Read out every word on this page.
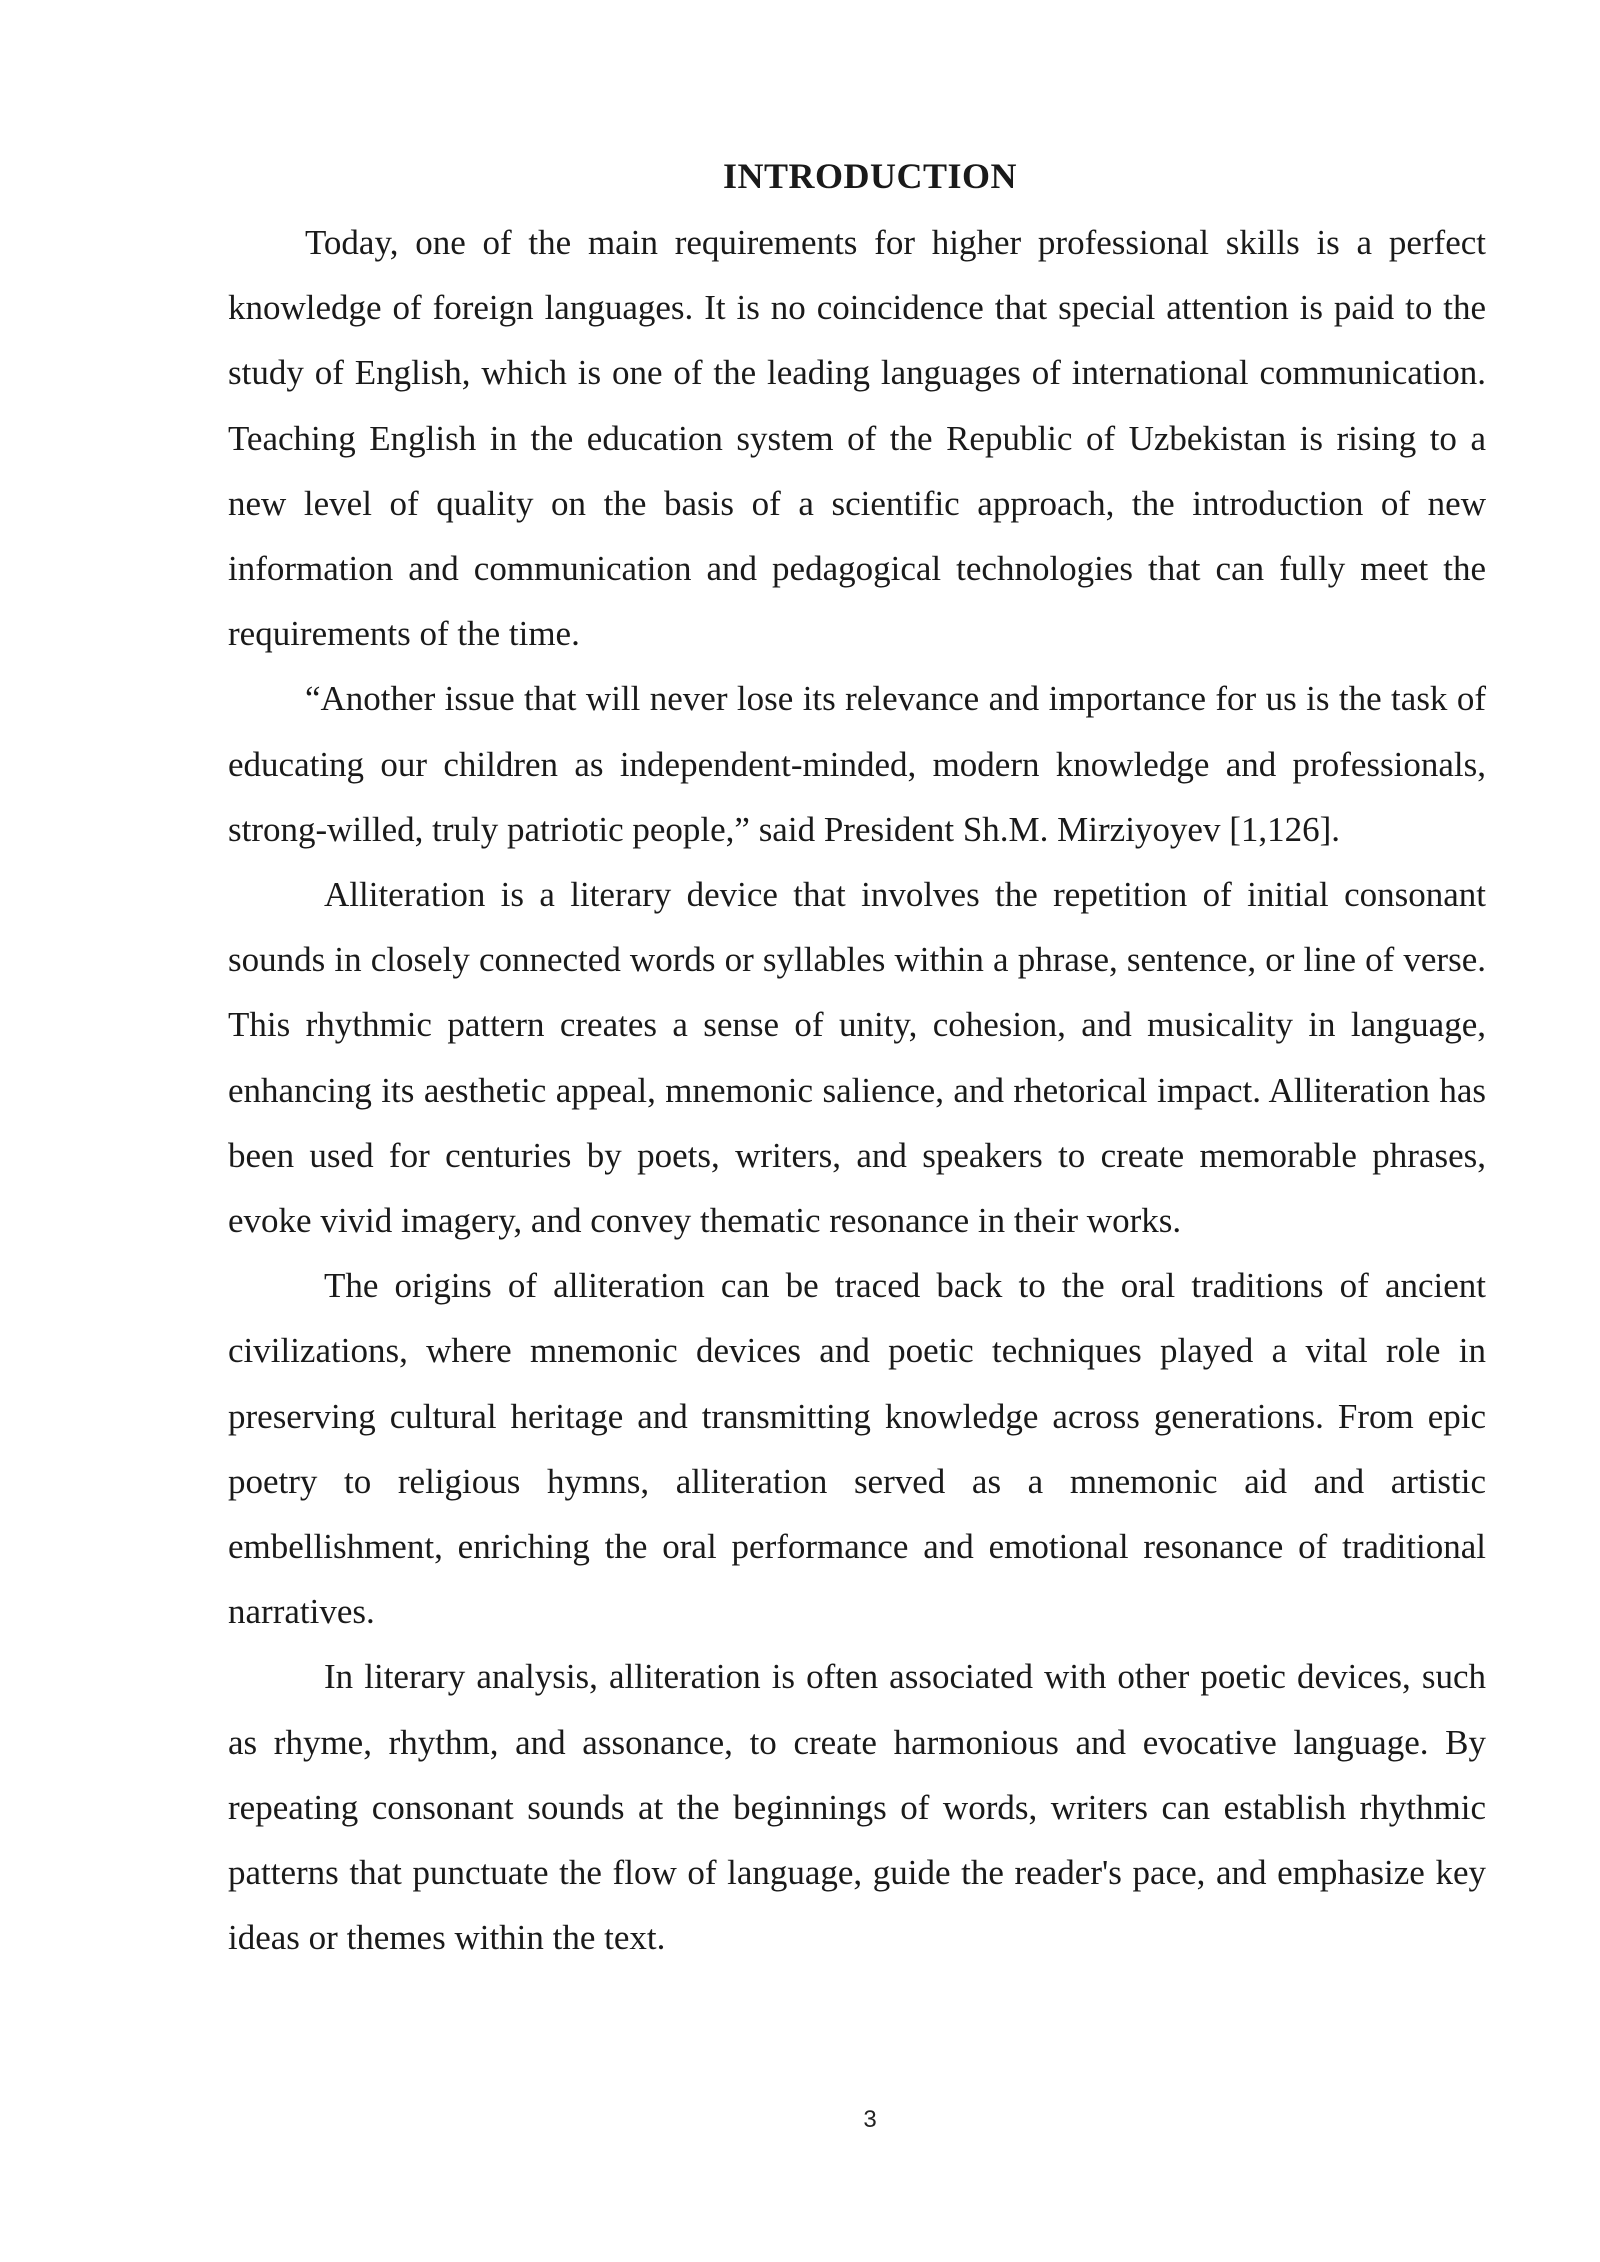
INTRODUCTION

Today, one of the main requirements for higher professional skills is a perfect knowledge of foreign languages. It is no coincidence that special attention is paid to the study of English, which is one of the leading languages of international communication. Teaching English in the education system of the Republic of Uzbekistan is rising to a new level of quality on the basis of a scientific approach, the introduction of new information and communication and pedagogical technologies that can fully meet the requirements of the time.

“Another issue that will never lose its relevance and importance for us is the task of educating our children as independent-minded, modern knowledge and professionals, strong-willed, truly patriotic people,” said President Sh.M. Mirziyoyev [1,126].

Alliteration is a literary device that involves the repetition of initial consonant sounds in closely connected words or syllables within a phrase, sentence, or line of verse. This rhythmic pattern creates a sense of unity, cohesion, and musicality in language, enhancing its aesthetic appeal, mnemonic salience, and rhetorical impact. Alliteration has been used for centuries by poets, writers, and speakers to create memorable phrases, evoke vivid imagery, and convey thematic resonance in their works.

The origins of alliteration can be traced back to the oral traditions of ancient civilizations, where mnemonic devices and poetic techniques played a vital role in preserving cultural heritage and transmitting knowledge across generations. From epic poetry to religious hymns, alliteration served as a mnemonic aid and artistic embellishment, enriching the oral performance and emotional resonance of traditional narratives.

In literary analysis, alliteration is often associated with other poetic devices, such as rhyme, rhythm, and assonance, to create harmonious and evocative language. By repeating consonant sounds at the beginnings of words, writers can establish rhythmic patterns that punctuate the flow of language, guide the reader's pace, and emphasize key ideas or themes within the text.

3
